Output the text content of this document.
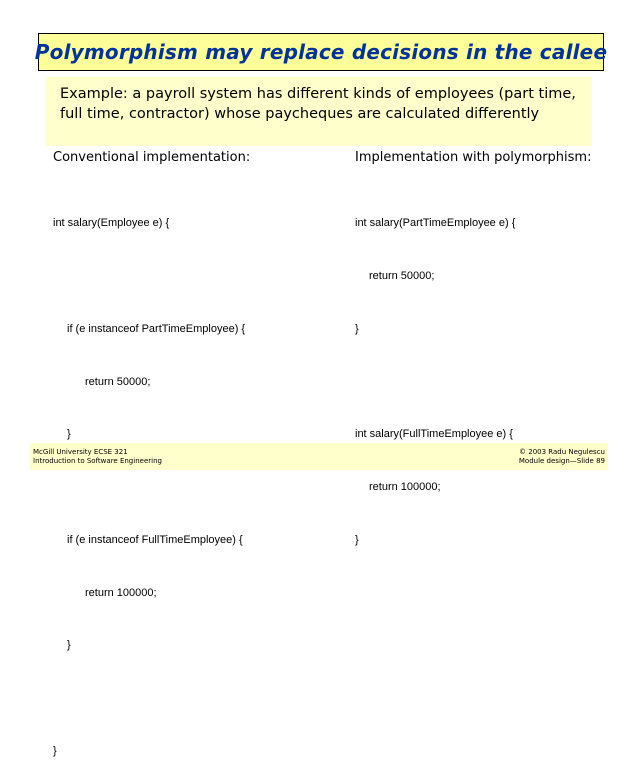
Polymorphism may replace decisions in the callee
Example: a payroll system has different kinds of employees (part time,
full time, contractor) whose paycheques are calculated differently
Conventional implementation:	Implementation with polymorphism:

int salary(Employee e) {

if (e instanceof PartTimeEmployee) {

return 50000;

}

if (e instanceof FullTimeEmployee) {

return 100000;

}

}

int salary(PartTimeEmployee e) {

return 50000;

}

int salary(FullTimeEmployee e) {

return 100000;

}

McGill University ECSE 321
Introduction to Software Engineering
© 2003 Radu Negulescu
Module design—Slide 89
